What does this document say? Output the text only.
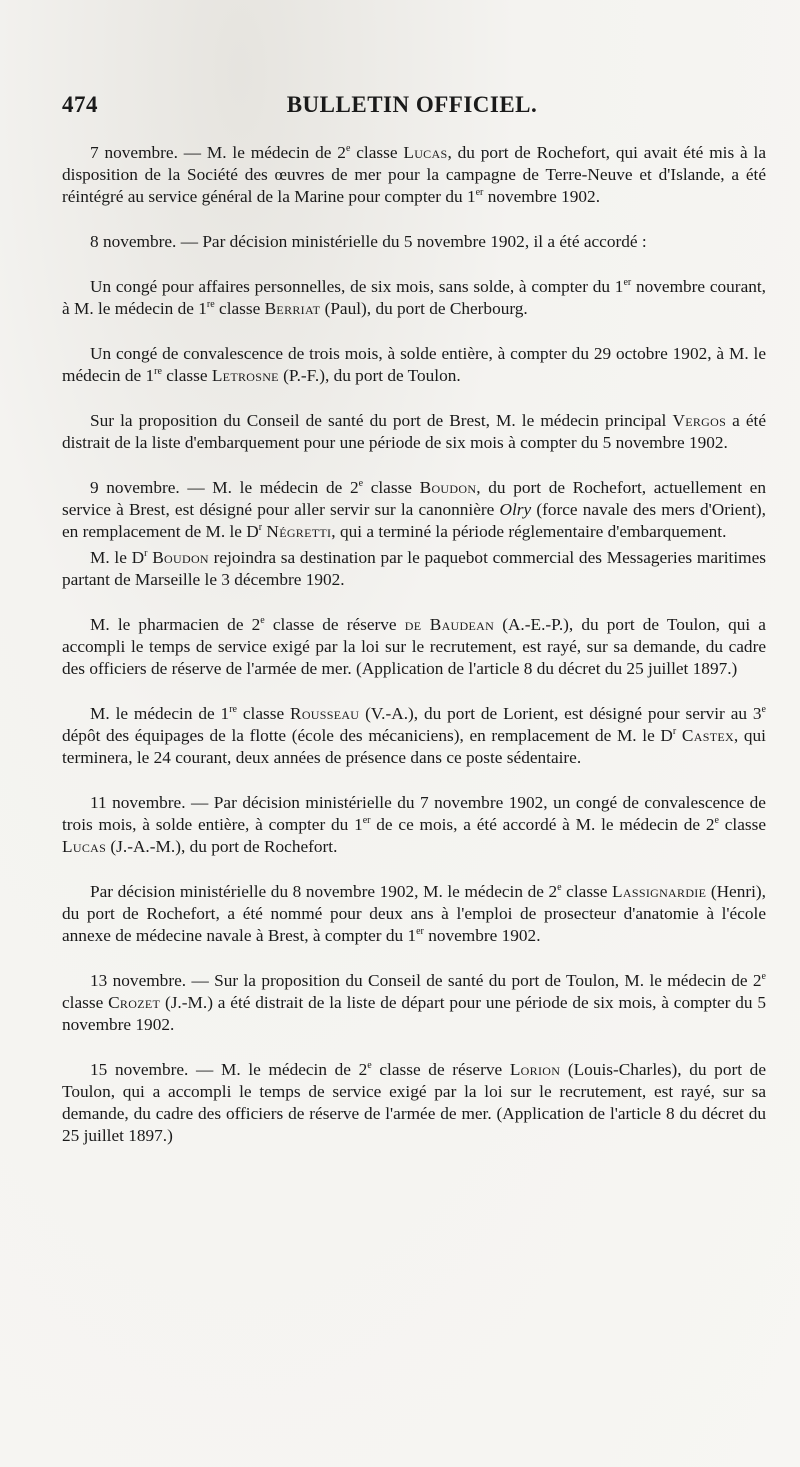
474	BULLETIN OFFICIEL.

7 novembre. — M. le médecin de 2e classe Lucas, du port de Rochefort, qui avait été mis à la disposition de la Société des œuvres de mer pour la campagne de Terre-Neuve et d'Islande, a été réintégré au service général de la Marine pour compter du 1er novembre 1902.

8 novembre. — Par décision ministérielle du 5 novembre 1902, il a été accordé :

Un congé pour affaires personnelles, de six mois, sans solde, à compter du 1er novembre courant, à M. le médecin de 1re classe Berriat (Paul), du port de Cherbourg.

Un congé de convalescence de trois mois, à solde entière, à compter du 29 octobre 1902, à M. le médecin de 1re classe Letrosne (P.-F.), du port de Toulon.

Sur la proposition du Conseil de santé du port de Brest, M. le médecin principal Vergos a été distrait de la liste d'embarquement pour une période de six mois à compter du 5 novembre 1902.

9 novembre. — M. le médecin de 2e classe Boudon, du port de Rochefort, actuellement en service à Brest, est désigné pour aller servir sur la canonnière Olry (force navale des mers d'Orient), en remplacement de M. le $D^r$ Négretti, qui a terminé la période réglementaire d'embarquement.

M. le $D^r$ Boudon rejoindra sa destination par le paquebot commercial des Messageries maritimes partant de Marseille le 3 décembre 1902.

M. le pharmacien de 2e classe de réserve de Baudean (A.-E.-P.), du port de Toulon, qui a accompli le temps de service exigé par la loi sur le recrutement, est rayé, sur sa demande, du cadre des officiers de réserve de l'armée de mer. (Application de l'article 8 du décret du 25 juillet 1897.)

M. le médecin de 1re classe Rousseau (V.-A.), du port de Lorient, est désigné pour servir au 3e dépôt des équipages de la flotte (école des mécaniciens), en remplacement de M. le $D^r$ Castex, qui terminera, le 24 courant, deux années de présence dans ce poste sédentaire.

11 novembre. — Par décision ministérielle du 7 novembre 1902, un congé de convalescence de trois mois, à solde entière, à compter du 1er de ce mois, a été accordé à M. le médecin de 2e classe Lucas (J.-A.-M.), du port de Rochefort.

Par décision ministérielle du 8 novembre 1902, M. le médecin de 2e classe Lassignardie (Henri), du port de Rochefort, a été nommé pour deux ans à l'emploi de prosecteur d'anatomie à l'école annexe de médecine navale à Brest, à compter du 1er novembre 1902.

13 novembre. — Sur la proposition du Conseil de santé du port de Toulon, M. le médecin de 2e classe Crozet (J.-M.) a été distrait de la liste de départ pour une période de six mois, à compter du 5 novembre 1902.

15 novembre. — M. le médecin de 2e classe de réserve Lorion (Louis-Charles), du port de Toulon, qui a accompli le temps de service exigé par la loi sur le recrutement, est rayé, sur sa demande, du cadre des officiers de réserve de l'armée de mer. (Application de l'article 8 du décret du 25 juillet 1897.)
